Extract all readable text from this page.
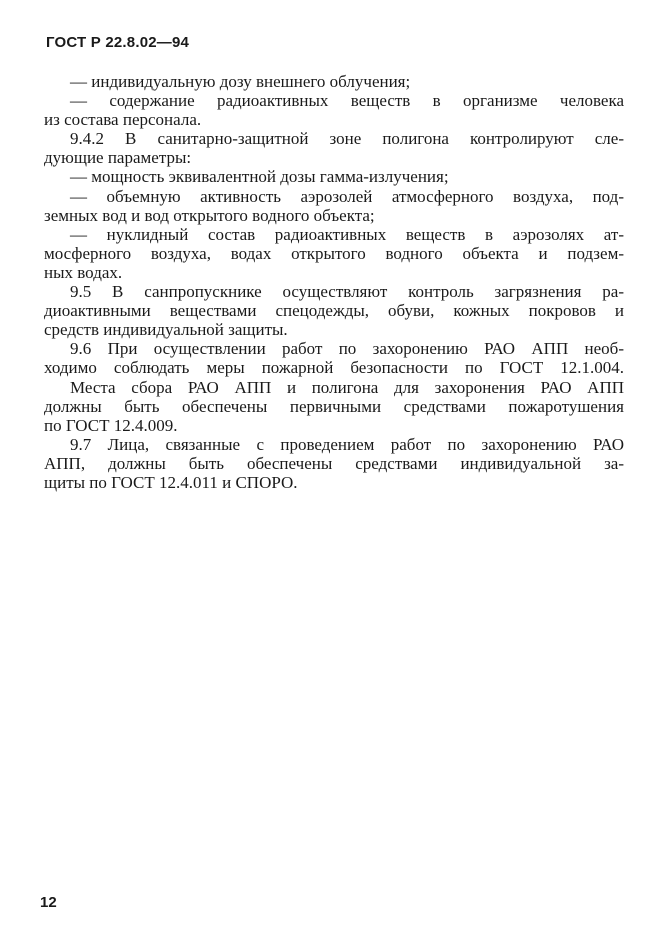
ГОСТ Р 22.8.02—94
— индивидуальную дозу внешнего облучения;
— содержание радиоактивных веществ в организме человека
из состава персонала.
9.4.2 В санитарно-защитной зоне полигона контролируют сле-
дующие параметры:
— мощность эквивалентной дозы гамма-излучения;
— объемную активность аэрозолей атмосферного воздуха, под-
земных вод и вод открытого водного объекта;
— нуклидный состав радиоактивных веществ в аэрозолях ат-
мосферного воздуха, водах открытого водного объекта и подзем-
ных водах.
9.5 В санпропускнике осуществляют контроль загрязнения ра-
диоактивными веществами спецодежды, обуви, кожных покровов и
средств индивидуальной защиты.
9.6 При осуществлении работ по захоронению РАО АПП необ-
ходимо соблюдать меры пожарной безопасности по ГОСТ 12.1.004.
Места сбора РАО АПП и полигона для захоронения РАО АПП
должны быть обеспечены первичными средствами пожаротушения
по ГОСТ 12.4.009.
9.7 Лица, связанные с проведением работ по захоронению РАО
АПП, должны быть обеспечены средствами индивидуальной за-
щиты по ГОСТ 12.4.011 и СПОРО.
12
